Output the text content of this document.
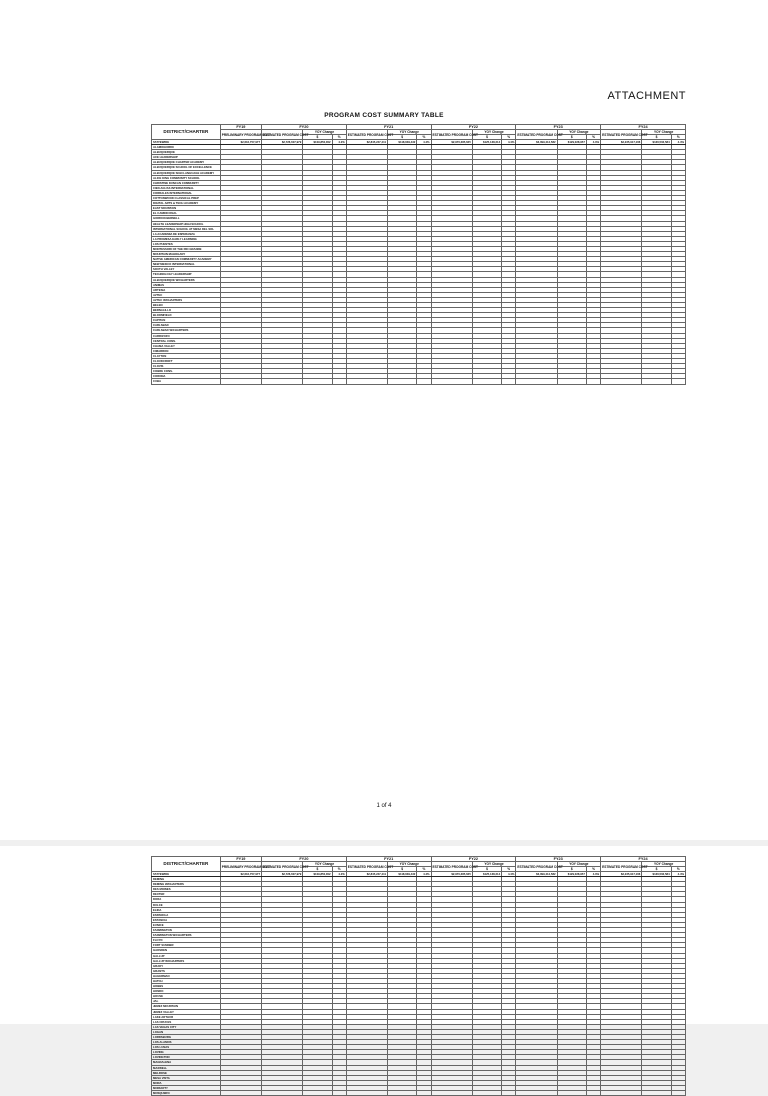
ATTACHMENT
PROGRAM COST SUMMARY TABLE
DISTRICT/CHARTER	FY19	FY20			FY21			FY22			FY23			FY24		
	PRELIMINARY PROGRAM COST	ESTIMATED PROGRAM COST	YOY Change		ESTIMATED PROGRAM COST	YOY Change		ESTIMATED PROGRAM COST	YOY Change		ESTIMATED PROGRAM COST	YOY Change		ESTIMATED PROGRAM COST	YOY Change	
			$	%		$	%		$	%		$	%		$	%
STATEWIDE	$2,616,757,977	$2,726,607,979	$109,850,002	4.2%	$2,845,247,411	$118,639,432	4.4%	$2,970,385,625	$125,138,214	4.4%	$3,099,414,582	$129,028,957	4.3%	$3,235,917,166	$136,502,584	4.4%
ALAMOGORDO																
ALBUQUERQUE																
ACE LEADERSHIP																
ALBUQUERQUE CHARTER ACADEMY																
ALBUQUERQUE SCHOOL OF EXCELLENCE																
ALBUQUERQUE SIGN LANGUAGE ACADEMY																
ALICE KING COMMUNITY SCHOOL																
CHRISTINE DUNCAN COMMUNITY																
CIEN AGUAS INTERNATIONAL																
CORRALES INTERNATIONAL																
COTTONWOOD CLASSICAL PREP																
DIGITAL ARTS & TECH ACADEMY																
EAST MOUNTAIN																
EL CAMINO REAL																
GORDON BERNELL																
HEALTH LEADERSHIP HIGH SCHOOL																
INTERNATIONAL SCHOOL AT MESA DEL SOL																
LA ACADEMIA DE ESPERANZA																
LA PROMESA EARLY LEARNING																
LOS PUENTES																
MONTESSORI OF THE RIO GRANDE																
MOUNTAIN MAHOGANY																
NATIVE AMERICAN COMMUNITY ACADEMY																
NEW MEXICO INTERNATIONAL																
SOUTH VALLEY																
TECHNOLOGY LEADERSHIP																
ALBUQUERQUE W/CHARTERS																
ANIMAS																
ARTESIA																
AZTEC																
AZTEC W/CHARTERS																
BELEN																
BERNALILLO																
BLOOMFIELD																
CAPITAN																
CARLSBAD																
CARLSBAD W/CHARTERS																
CARRIZOZO																
CENTRAL CONS.																
CHAMA VALLEY																
CIMARRON																
CLAYTON																
CLOUDCROFT																
CLOVIS																
COBRE CONS.																
CORONA																
CUBA																
1 of 4
DISTRICT/CHARTER	FY19	FY20			FY21			FY22			FY23			FY24		
	PRELIMINARY PROGRAM COST	ESTIMATED PROGRAM COST	YOY Change		ESTIMATED PROGRAM COST	YOY Change		ESTIMATED PROGRAM COST	YOY Change		ESTIMATED PROGRAM COST	YOY Change		ESTIMATED PROGRAM COST	YOY Change	
			$	%		$	%		$	%		$	%		$	%
STATEWIDE	$2,616,757,977	$2,726,607,979	$109,850,002	4.2%	$2,845,247,411	$118,639,432	4.4%	$2,970,385,625	$125,138,214	4.4%	$3,099,414,582	$129,028,957	4.3%	$3,235,917,166	$136,502,584	4.4%
DEMING																
DEMING W/CHARTERS																
DES MOINES																
DEXTER																
DORA																
DULCE																
ELIDA																
ESPANOLA																
ESTANCIA																
EUNICE																
FARMINGTON																
FARMINGTON W/CHARTERS																
FLOYD																
FORT SUMNER																
GADSDEN																
GALLUP																
GALLUP W/CHARTERS																
GRADY																
GRANTS																
HAGERMAN																
HATCH																
HOBBS																
HONDO																
HOUSE																
JAL																
JEMEZ MOUNTAIN																
JEMEZ VALLEY																
LAKE ARTHUR																
LAS CRUCES																
LAS VEGAS CITY																
LOGAN																
LORDSBURG																
LOS ALAMOS																
LOS LUNAS																
LOVING																
LOVINGTON																
MAGDALENA																
MAXWELL																
MELROSE																
MESA VISTA																
MORA																
MORIARTY																
MOSQUERO																
